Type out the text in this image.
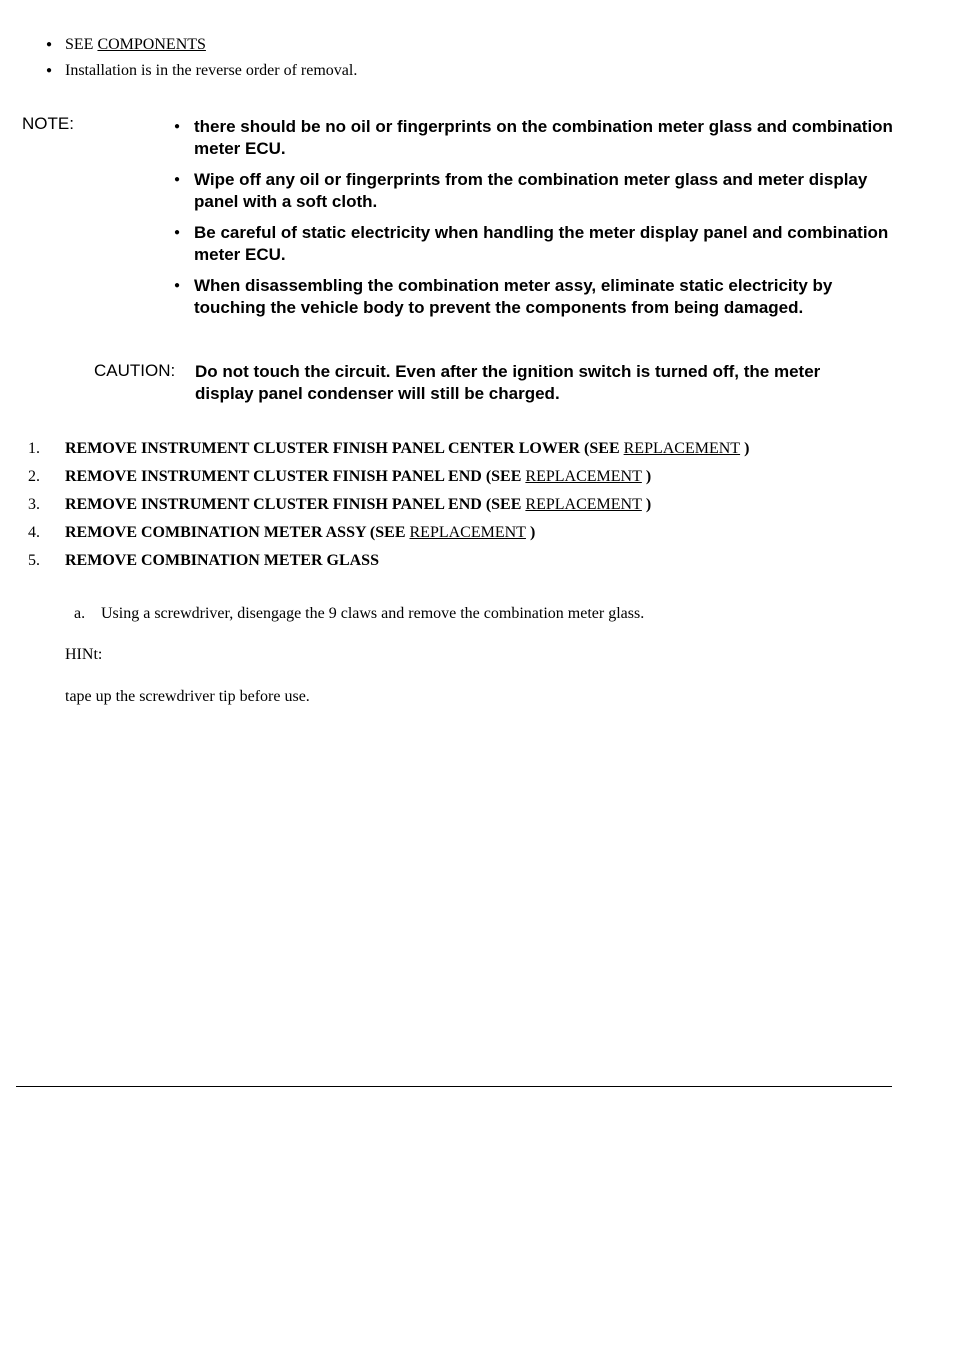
● SEE COMPONENTS
● Installation is in the reverse order of removal.
NOTE:
●	there should be no oil or fingerprints on the combination meter glass and combination meter ECU.
● Wipe off any oil or fingerprints from the combination meter glass and meter display panel with a soft cloth.
● Be careful of static electricity when handling the meter display panel and combination meter ECU.
● When disassembling the combination meter assy, eliminate static electricity by touching the vehicle body to prevent the components from being damaged.
CAUTION: Do not touch the circuit. Even after the ignition switch is turned off, the meter display panel condenser will still be charged.
1. REMOVE INSTRUMENT CLUSTER FINISH PANEL CENTER LOWER (SEE REPLACEMENT )
2. REMOVE INSTRUMENT CLUSTER FINISH PANEL END (SEE REPLACEMENT )
3. REMOVE INSTRUMENT CLUSTER FINISH PANEL END (SEE REPLACEMENT )
4. REMOVE COMBINATION METER ASSY (SEE REPLACEMENT )
5. REMOVE COMBINATION METER GLASS
a. Using a screwdriver, disengage the 9 claws and remove the combination meter glass.
HINt:
tape up the screwdriver tip before use.
